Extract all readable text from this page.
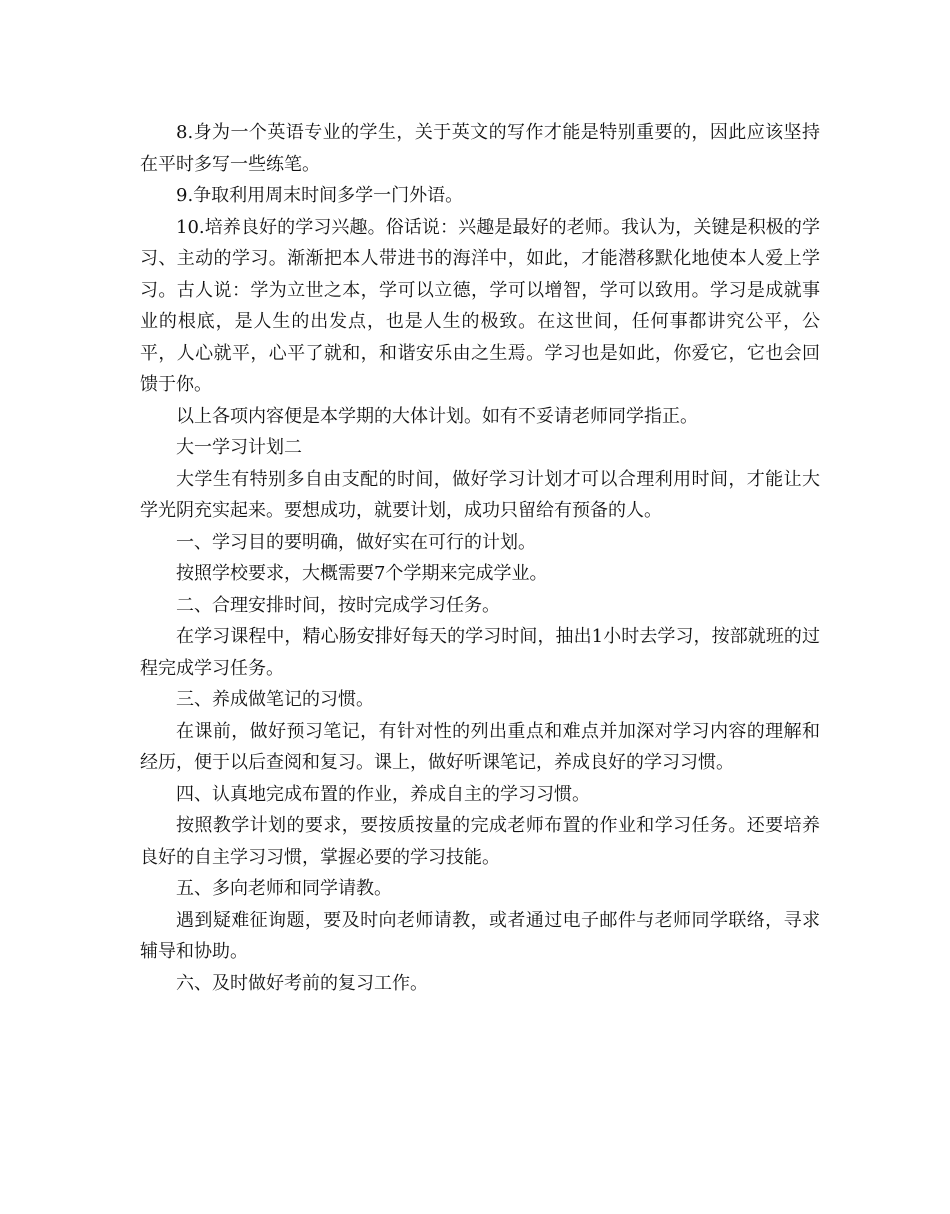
8.身为一个英语专业的学生，关于英文的写作才能是特别重要的，因此应该坚持在平时多写一些练笔。

9.争取利用周末时间多学一门外语。

10.培养良好的学习兴趣。俗话说：兴趣是最好的老师。我认为，关键是积极的学习、主动的学习。渐渐把本人带进书的海洋中，如此，才能潜移默化地使本人爱上学习。古人说：学为立世之本，学可以立德，学可以增智，学可以致用。学习是成就事业的根底，是人生的出发点，也是人生的极致。在这世间，任何事都讲究公平，公平，人心就平，心平了就和，和谐安乐由之生焉。学习也是如此，你爱它，它也会回馈于你。

以上各项内容便是本学期的大体计划。如有不妥请老师同学指正。

大一学习计划二

大学生有特别多自由支配的时间，做好学习计划才可以合理利用时间，才能让大学光阴充实起来。要想成功，就要计划，成功只留给有预备的人。

一、学习目的要明确，做好实在可行的计划。

按照学校要求，大概需要7个学期来完成学业。

二、合理安排时间，按时完成学习任务。

在学习课程中，精心肠安排好每天的学习时间，抽出1小时去学习，按部就班的过程完成学习任务。

三、养成做笔记的习惯。

在课前，做好预习笔记，有针对性的列出重点和难点并加深对学习内容的理解和经历，便于以后查阅和复习。课上，做好听课笔记，养成良好的学习习惯。

四、认真地完成布置的作业，养成自主的学习习惯。

按照教学计划的要求，要按质按量的完成老师布置的作业和学习任务。还要培养良好的自主学习习惯，掌握必要的学习技能。

五、多向老师和同学请教。

遇到疑难征询题，要及时向老师请教，或者通过电子邮件与老师同学联络，寻求辅导和协助。

六、及时做好考前的复习工作。
